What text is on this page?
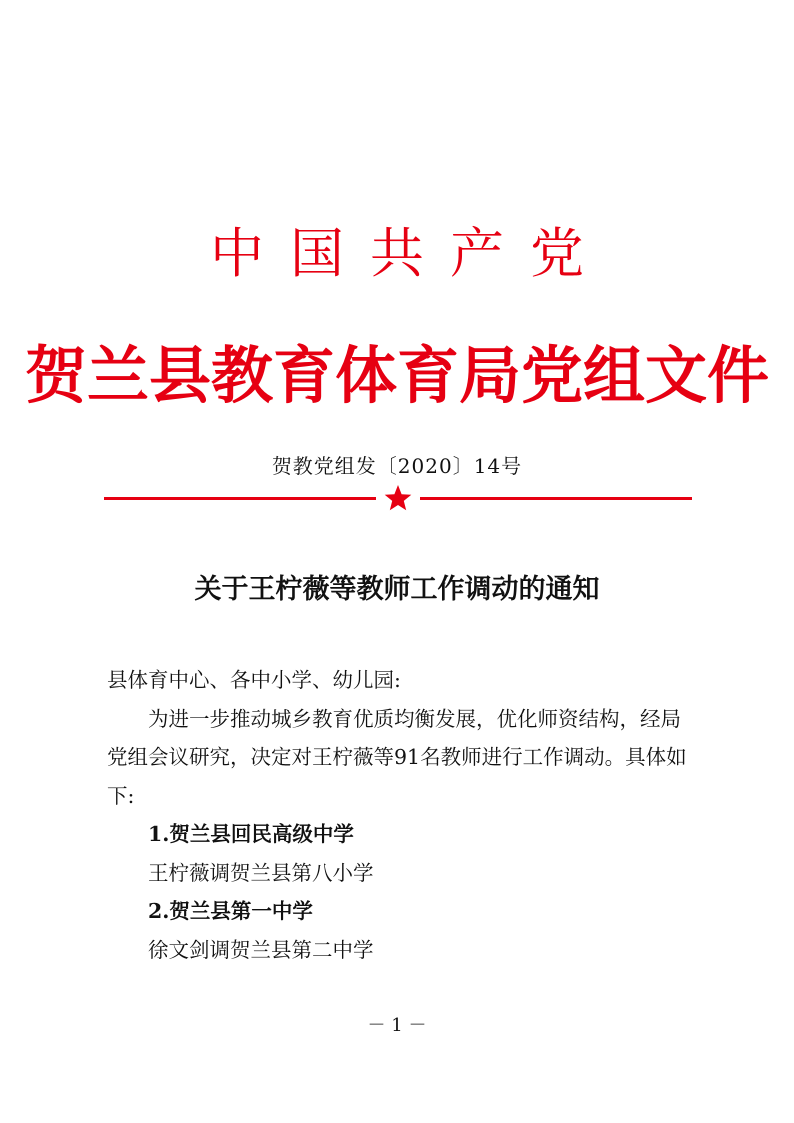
中国共产党
贺兰县教育体育局党组文件
贺教党组发〔2020〕14号
关于王柠薇等教师工作调动的通知

县体育中心、各中小学、幼儿园:

为进一步推动城乡教育优质均衡发展，优化师资结构，经局党组会议研究，决定对王柠薇等91名教师进行工作调动。具体如下:

1.贺兰县回民高级中学

王柠薇调贺兰县第八小学

2.贺兰县第一中学

徐文剑调贺兰县第二中学

－ 1 －
